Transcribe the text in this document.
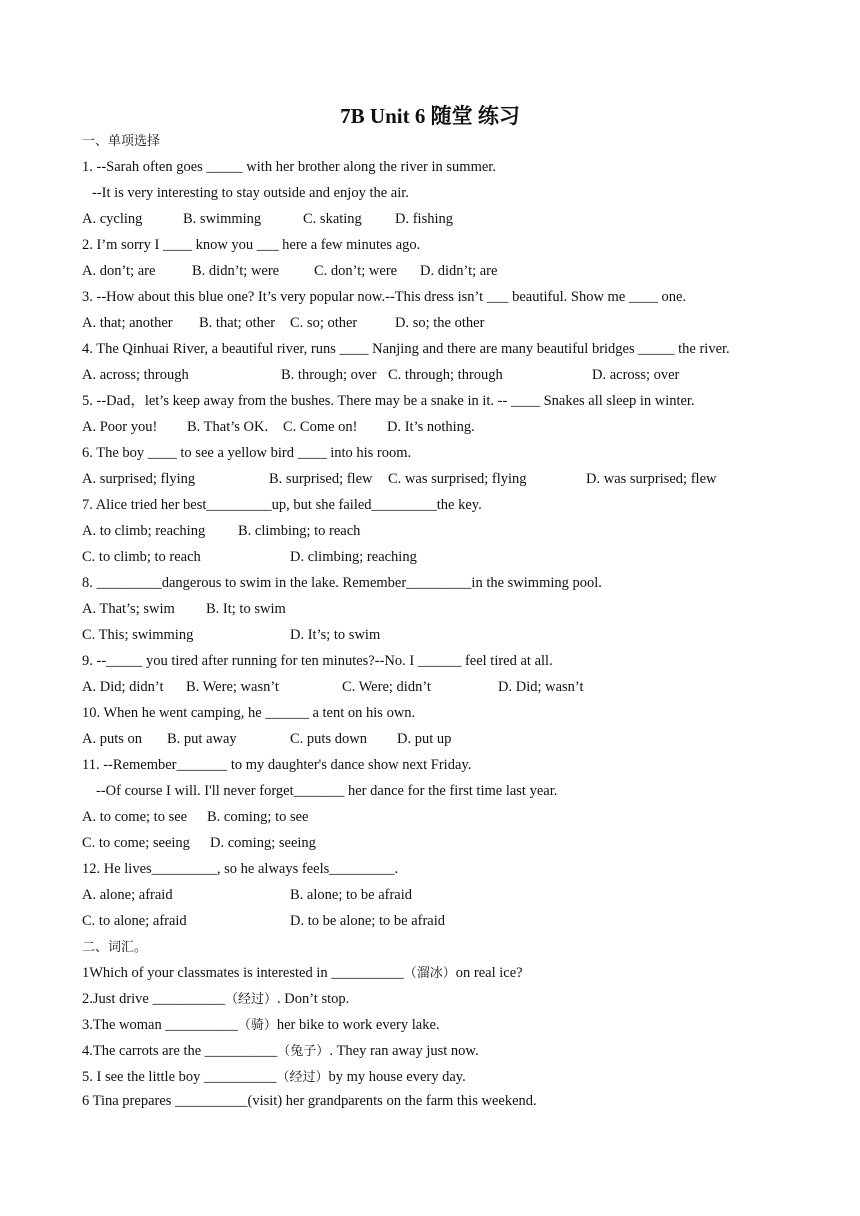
7B Unit 6 随堂 练习
一、单项选择
1. --Sarah often goes _____ with her brother along the river in summer.
--It is very interesting to stay outside and enjoy the air.
A. cycling	B. swimming	C. skating D. fishing
2. I’m sorry I ____ know you ___ here a few minutes ago.
A. don’t; are	B. didn’t; were C. don’t; were D. didn’t; are
3. --How about this blue one? It’s very popular now.--This dress isn’t ___ beautiful. Show me ____ one.
A. that; another B. that; other C. so; other	D. so; the other
4. The Qinhuai River, a beautiful river, runs ____ Nanjing and there are many beautiful bridges _____ the river.
A. across; through	B. through; over C. through; through	D. across; over
5. --Dad，let’s keep away from the bushes. There may be a snake in it. -- ____ Snakes all sleep in winter.
A. Poor you! B. That’s OK. C. Come on! D. It’s nothing.
6. The boy ____ to see a yellow bird ____ into his room.
A. surprised; flying	B. surprised; flew C. was surprised; flying	D. was surprised; flew
7. Alice tried her best_________up, but she failed_________the key.
A. to climb; reaching B. climbing; to reach
C. to climb; to reach	D. climbing; reaching
8. _________dangerous to swim in the lake. Remember_________in the swimming pool.
A. That’s; swim B. It; to swim
C. This; swimming	D. It’s; to swim
9. --_____ you tired after running for ten minutes?--No. I ______ feel tired at all.
A. Did; didn’t B. Were; wasn’t	C. Were; didn’t	D. Did; wasn’t
10. When he went camping, he ______ a tent on his own.
A. puts on B. put away	C. puts down D. put up
11. --Remember_______ to my daughter's dance show next Friday.
--Of course I will. I'll never forget_______ her dance for the first time last year.
A. to come; to see B. coming; to see
C. to come; seeing D. coming; seeing
12. He lives_________, so he always feels_________.
A. alone; afraid	B. alone; to be afraid
C. to alone; afraid	D. to be alone; to be afraid
二、词汇。
1Which of your classmates is interested in __________（溜冰）on real ice?
2.Just drive __________（经过）. Don’t stop.
3.The woman __________（骑）her bike to work every lake.
4.The carrots are the __________（兔子）. They ran away just now.
5. I see the little boy __________（经过）by my house every day.
6 Tina prepares __________(visit) her grandparents on the farm this weekend.
